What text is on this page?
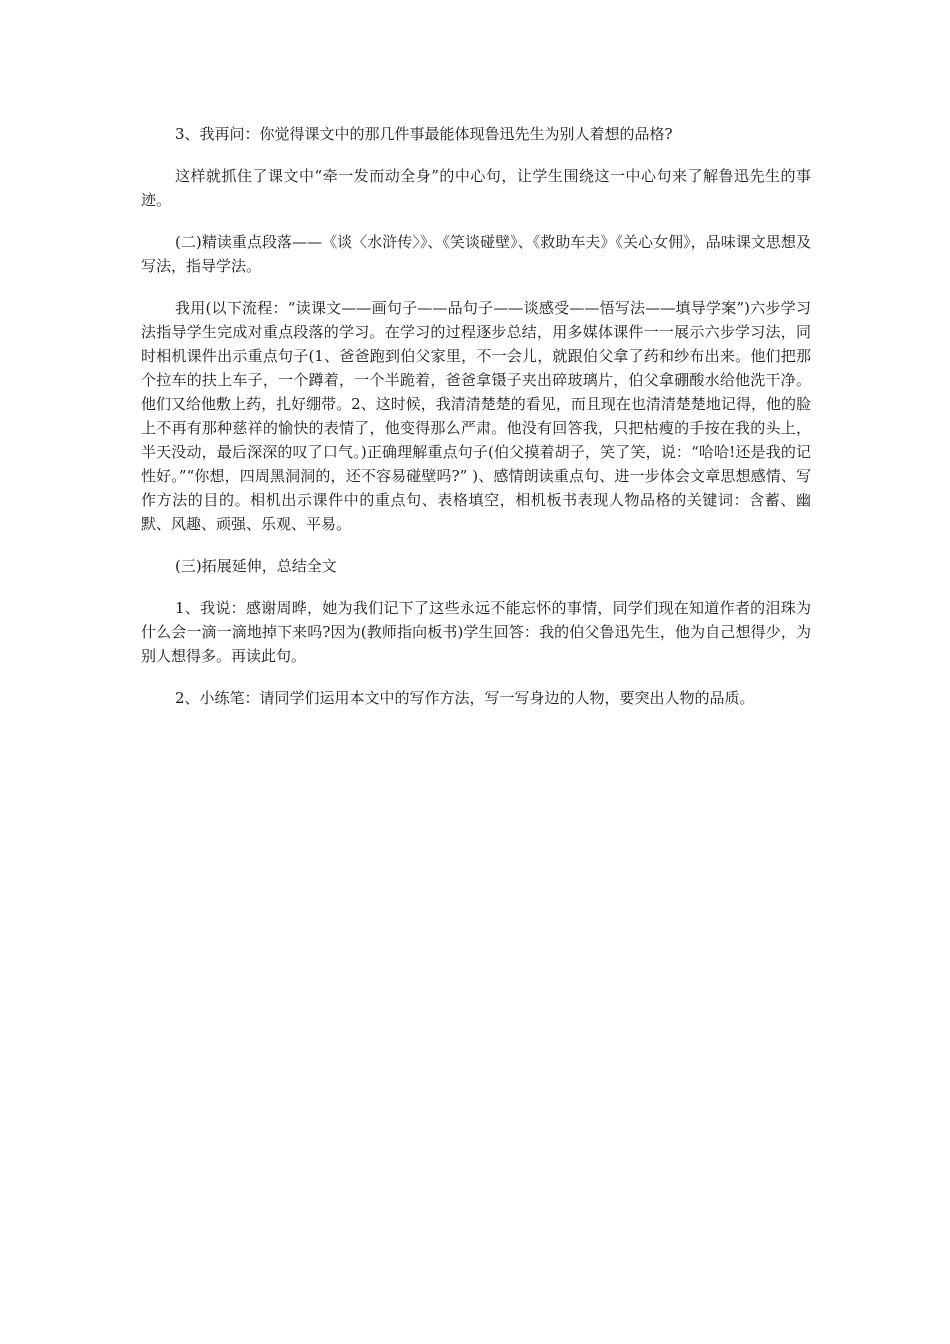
3、我再问：你觉得课文中的那几件事最能体现鲁迅先生为别人着想的品格?

这样就抓住了课文中“牵一发而动全身”的中心句，让学生围绕这一中心句来了解鲁迅先生的事迹。

(二)精读重点段落——《谈〈水浒传〉》、《笑谈碰壁》、《救助车夫》《关心女佣》，品味课文思想及写法，指导学法。

我用(以下流程：“读课文——画句子——品句子——谈感受——悟写法——填导学案”)六步学习法指导学生完成对重点段落的学习。在学习的过程逐步总结，用多媒体课件一一展示六步学习法，同时相机课件出示重点句子(1、爸爸跑到伯父家里，不一会儿，就跟伯父拿了药和纱布出来。他们把那个拉车的扶上车子，一个蹲着，一个半跪着，爸爸拿镊子夹出碎玻璃片，伯父拿硼酸水给他洗干净。他们又给他敷上药，扎好绷带。2、这时候，我清清楚楚的看见，而且现在也清清楚楚地记得，他的脸上不再有那种慈祥的愉快的表情了，他变得那么严肃。他没有回答我，只把枯瘦的手按在我的头上，半天没动，最后深深的叹了口气。)正确理解重点句子(伯父摸着胡子，笑了笑，说：“哈哈!还是我的记性好。”“你想，四周黑洞洞的，还不容易碰壁吗?” )、感情朗读重点句、进一步体会文章思想感情、写作方法的目的。相机出示课件中的重点句、表格填空，相机板书表现人物品格的关键词：含蓄、幽默、风趣、顽强、乐观、平易。

(三)拓展延伸，总结全文

1、我说：感谢周晔，她为我们记下了这些永远不能忘怀的事情，同学们现在知道作者的泪珠为什么会一滴一滴地掉下来吗?因为(教师指向板书)学生回答：我的伯父鲁迅先生，他为自己想得少，为别人想得多。再读此句。

2、小练笔：请同学们运用本文中的写作方法，写一写身边的人物，要突出人物的品质。
